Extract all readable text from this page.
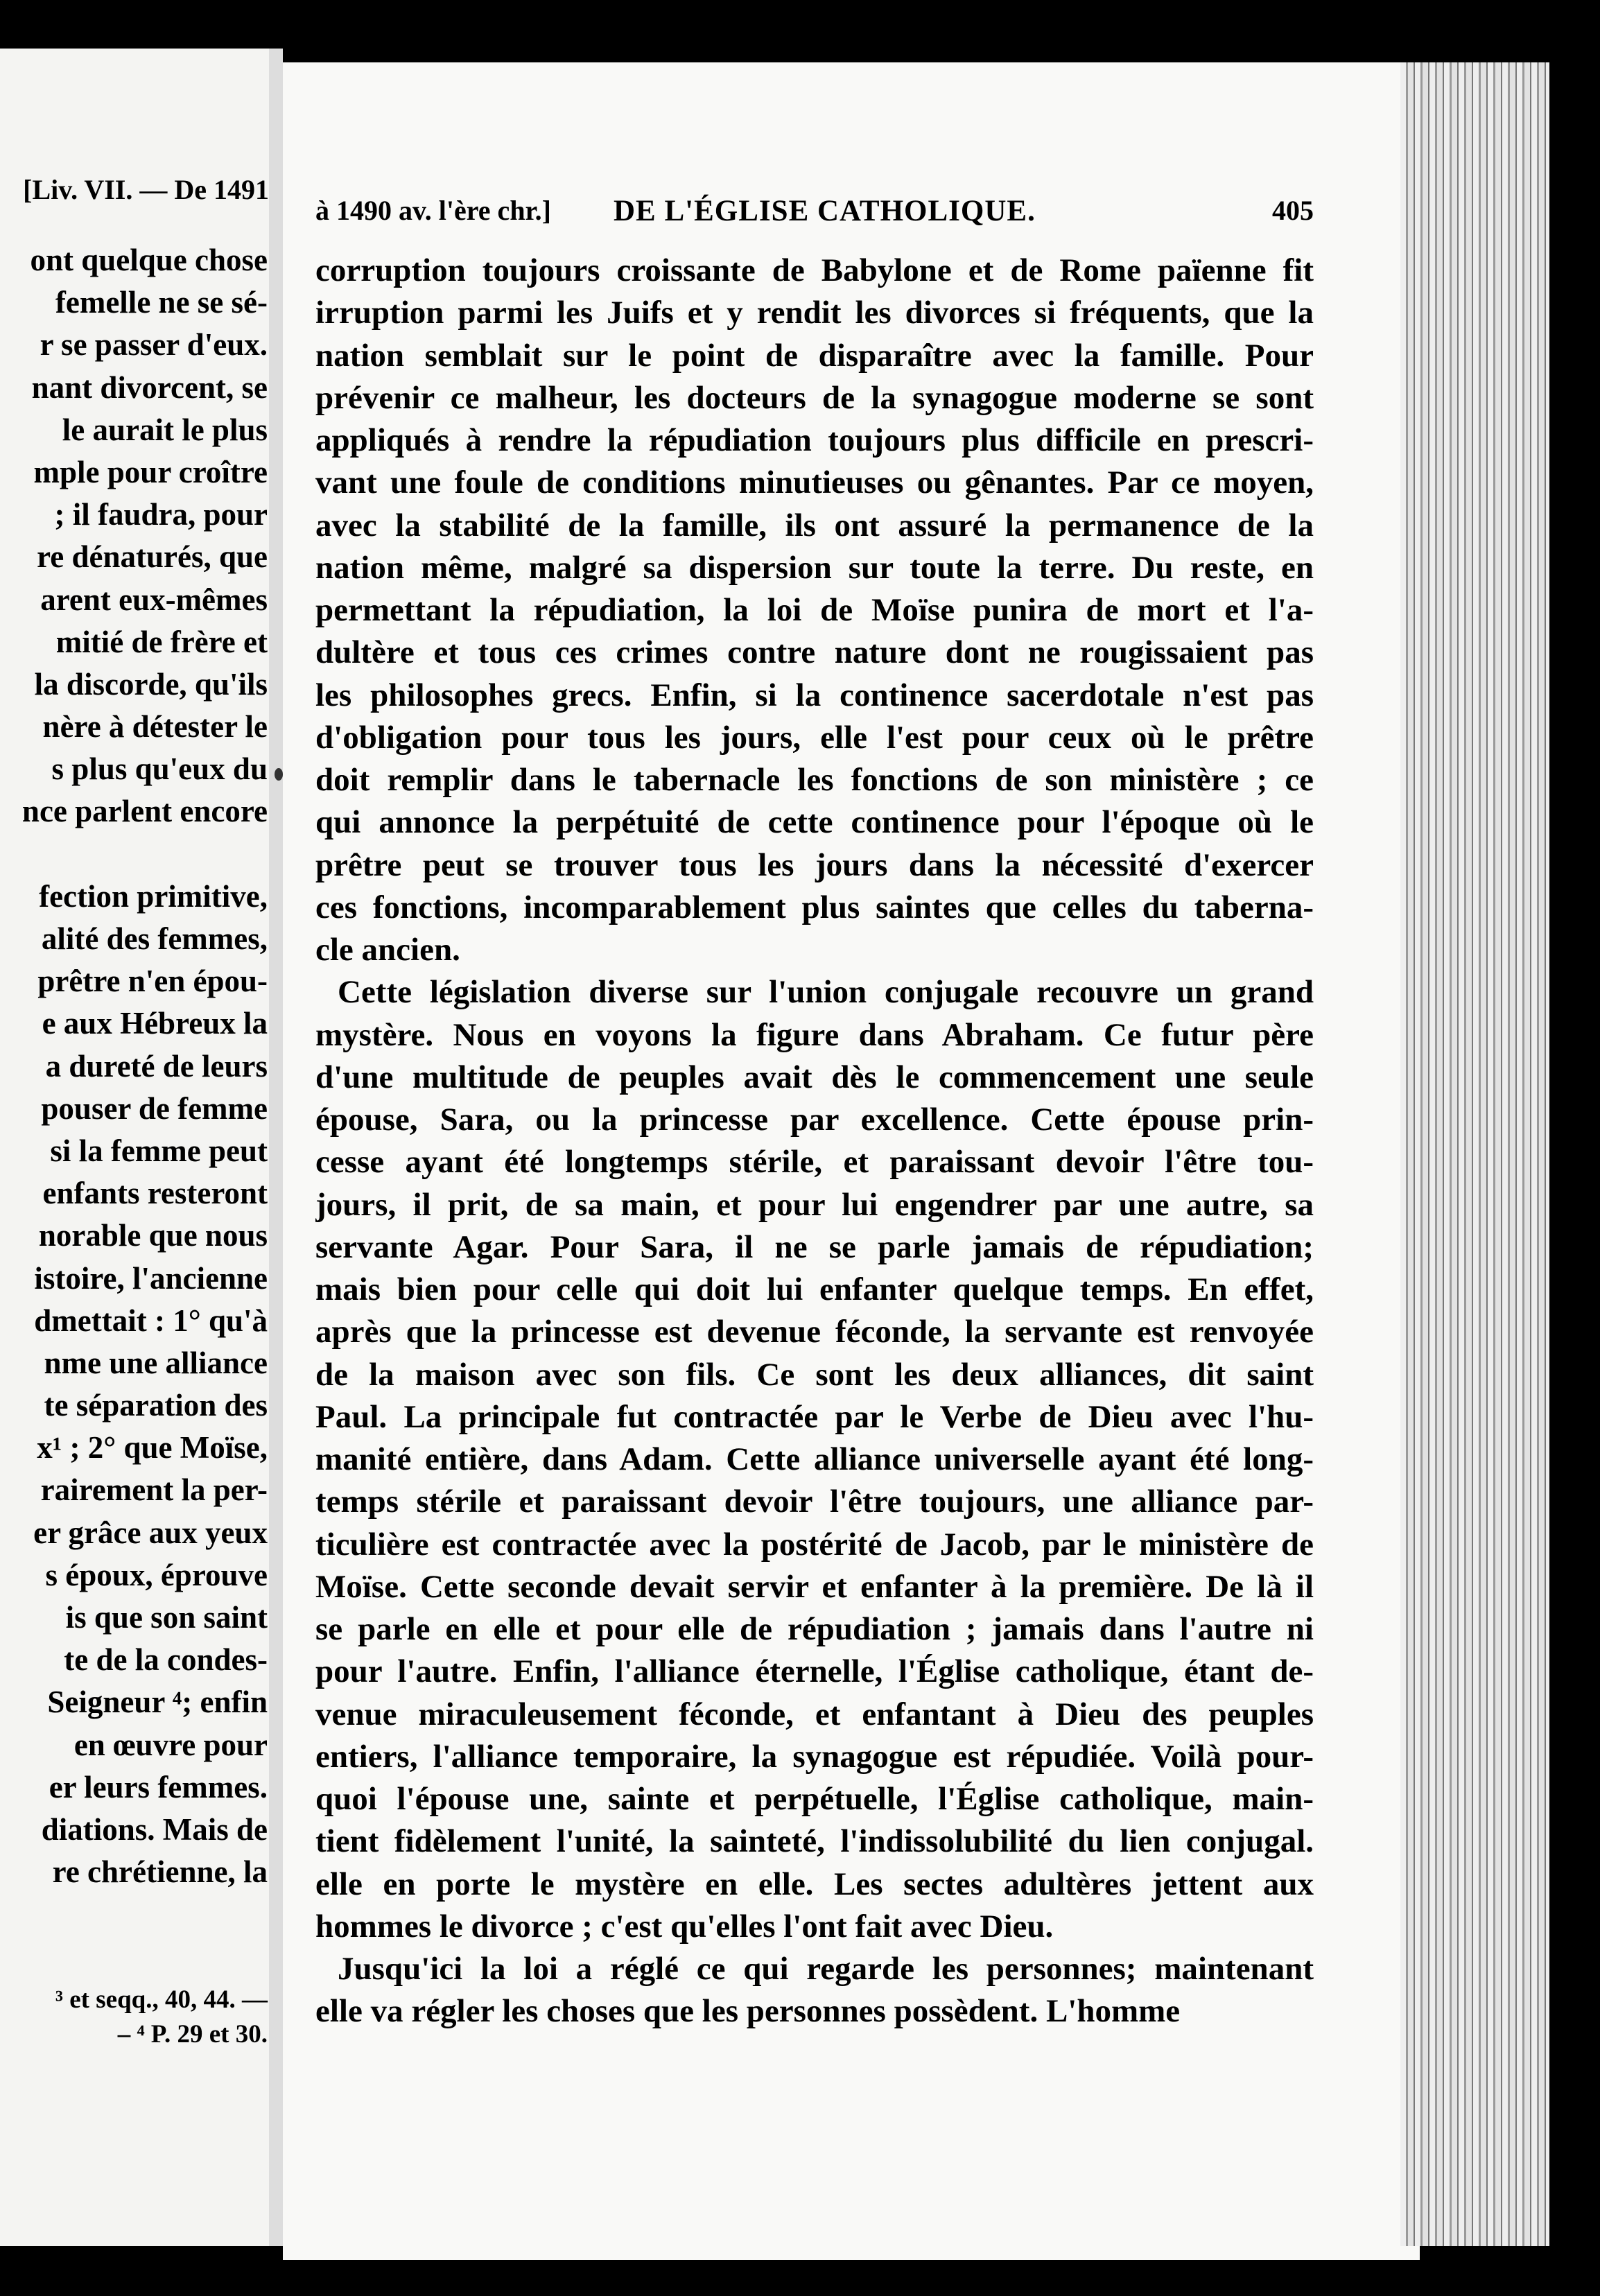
[Liv. VII. — De 1491
ont quelque chose
femelle ne se sé-
r se passer d'eux.
nant divorcent, se
le aurait le plus
mple pour croître
; il faudra, pour
re dénaturés, que
arent eux-mêmes
mitié de frère et
la discorde, qu'ils
nère à détester le
s plus qu'eux du
nce parlent encore
fection primitive,
alité des femmes,
prêtre n'en épou-
e aux Hébreux la
a dureté de leurs
pouser de femme
si la femme peut
enfants resteront
norable que nous
istoire, l'ancienne
dmettait : 1° qu'à
nme une alliance
te séparation des
x¹ ; 2° que Moïse,
rairement la per-
er grâce aux yeux
s époux, éprouve
is que son saint
te de la condes-
Seigneur ⁴; enfin
en œuvre pour
er leurs femmes.
diations. Mais de
re chrétienne, la
³ et seqq., 40, 44. —
– ⁴ P. 29 et 30.
à 1490 av. l'ère chr.] DE L'ÉGLISE CATHOLIQUE.	405
corruption toujours croissante de Babylone et de Rome païenne fit
irruption parmi les Juifs et y rendit les divorces si fréquents, que la
nation semblait sur le point de disparaître avec la famille. Pour
prévenir ce malheur, les docteurs de la synagogue moderne se sont
appliqués à rendre la répudiation toujours plus difficile en prescri-
vant une foule de conditions minutieuses ou gênantes. Par ce moyen,
avec la stabilité de la famille, ils ont assuré la permanence de la
nation même, malgré sa dispersion sur toute la terre. Du reste, en
permettant la répudiation, la loi de Moïse punira de mort et l'a-
dultère et tous ces crimes contre nature dont ne rougissaient pas
les philosophes grecs. Enfin, si la continence sacerdotale n'est pas
d'obligation pour tous les jours, elle l'est pour ceux où le prêtre
doit remplir dans le tabernacle les fonctions de son ministère ; ce
qui annonce la perpétuité de cette continence pour l'époque où le
prêtre peut se trouver tous les jours dans la nécessité d'exercer
ces fonctions, incomparablement plus saintes que celles du taberna-
cle ancien.
Cette législation diverse sur l'union conjugale recouvre un grand
mystère. Nous en voyons la figure dans Abraham. Ce futur père
d'une multitude de peuples avait dès le commencement une seule
épouse, Sara, ou la princesse par excellence. Cette épouse prin-
cesse ayant été longtemps stérile, et paraissant devoir l'être tou-
jours, il prit, de sa main, et pour lui engendrer par une autre, sa
servante Agar. Pour Sara, il ne se parle jamais de répudiation;
mais bien pour celle qui doit lui enfanter quelque temps. En effet,
après que la princesse est devenue féconde, la servante est renvoyée
de la maison avec son fils. Ce sont les deux alliances, dit saint
Paul. La principale fut contractée par le Verbe de Dieu avec l'hu-
manité entière, dans Adam. Cette alliance universelle ayant été long-
temps stérile et paraissant devoir l'être toujours, une alliance par-
ticulière est contractée avec la postérité de Jacob, par le ministère de
Moïse. Cette seconde devait servir et enfanter à la première. De là il
se parle en elle et pour elle de répudiation ; jamais dans l'autre ni
pour l'autre. Enfin, l'alliance éternelle, l'Église catholique, étant de-
venue miraculeusement féconde, et enfantant à Dieu des peuples
entiers, l'alliance temporaire, la synagogue est répudiée. Voilà pour-
quoi l'épouse une, sainte et perpétuelle, l'Église catholique, main-
tient fidèlement l'unité, la sainteté, l'indissolubilité du lien conjugal.
elle en porte le mystère en elle. Les sectes adultères jettent aux
hommes le divorce ; c'est qu'elles l'ont fait avec Dieu.
Jusqu'ici la loi a réglé ce qui regarde les personnes; maintenant
elle va régler les choses que les personnes possèdent. L'homme
